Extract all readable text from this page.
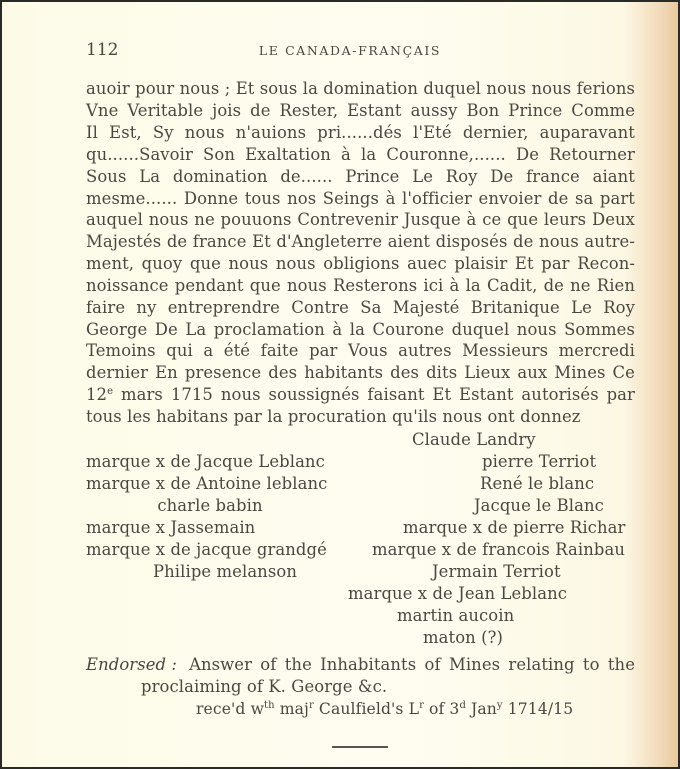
112	LE CANADA-FRANÇAIS
auoir pour nous ; Et sous la domination duquel nous nous ferions
Vne Veritable jois de Rester, Estant aussy Bon Prince Comme
Il Est, Sy nous n'auions pri......dés l'Eté dernier, auparavant
qu......Savoir Son Exaltation à la Couronne,...... De Retourner
Sous La domination de...... Prince Le Roy De france aiant
mesme...... Donne tous nos Seings à l'officier envoier de sa part
auquel nous ne pouuons Contrevenir Jusque à ce que leurs Deux
Majestés de france Et d'Angleterre aient disposés de nous autre-
ment, quoy que nous nous obligions auec plaisir Et par Recon-
noissance pendant que nous Resterons ici à la Cadit, de ne Rien
faire ny entreprendre Contre Sa Majesté Britanique Le Roy
George De La proclamation à la Courone duquel nous Sommes
Temoins qui a été faite par Vous autres Messieurs mercredi
dernier En presence des habitants des dits Lieux aux Mines Ce
12e mars 1715 nous soussignés faisant Et Estant autorisés par
tous les habitans par la procuration qu'ils nous ont donnez
Claude Landry
marque x de Jacque Leblanc
marque x de Antoine leblanc
charle babin
marque x Jassemain
marque x de jacque grandgé
Philipe melanson
pierre Terriot
René le blanc
Jacque le Blanc
marque x de pierre Richar
marque x de francois Rainbau
Jermain Terriot
marque x de Jean Leblanc
martin aucoin
maton (?)
Endorsed : Answer of the Inhabitants of Mines relating to the
proclaiming of K. George &c.
rece'd $w^{th}$ maj$^r$ Caulfield's $L^r$ of 3$^d$ Jan$^y$ 1714/15
